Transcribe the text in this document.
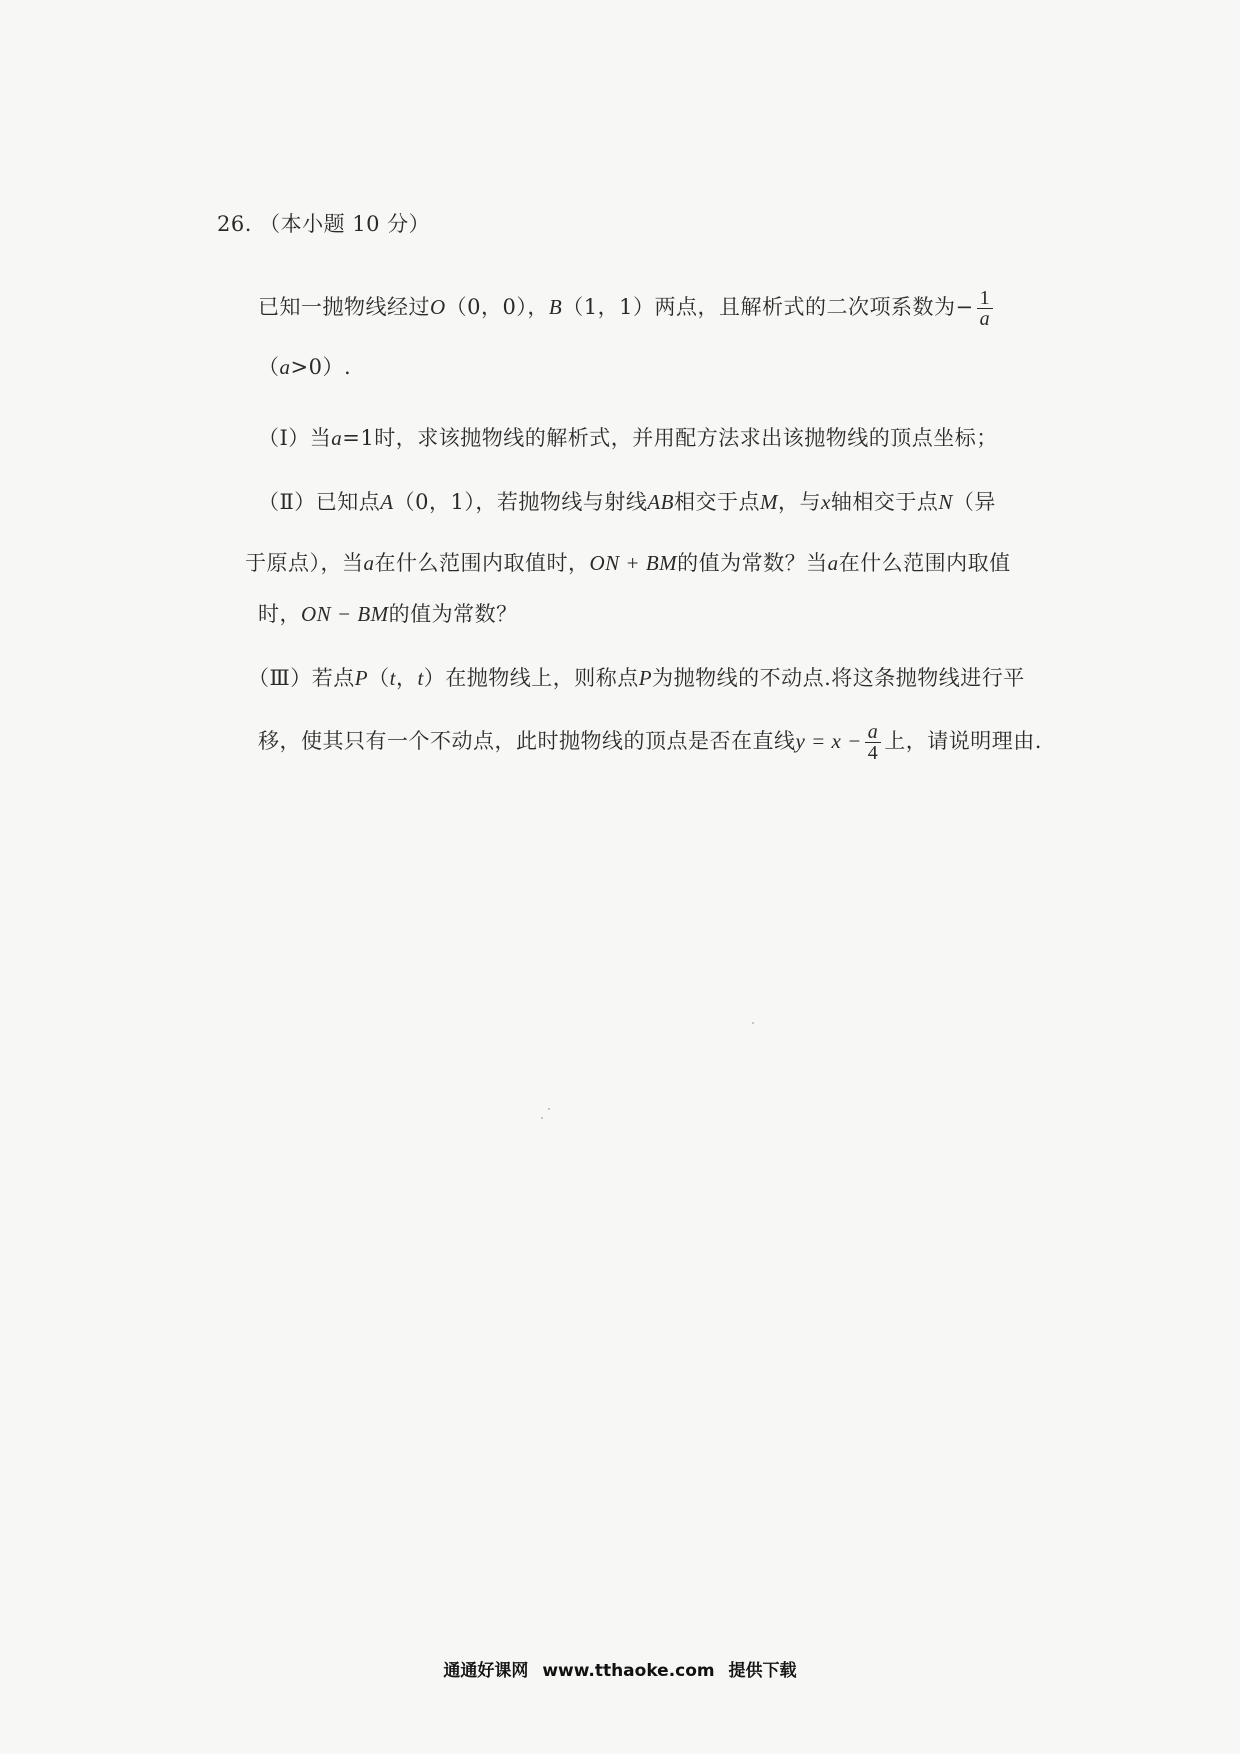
26. （本小题 10 分）
已知一抛物线经过O（0，0），B（1，1）两点，且解析式的二次项系数为− $\frac{1}{a}$
（a>0）.
（Ⅰ）当a=1时，求该抛物线的解析式，并用配方法求出该抛物线的顶点坐标；
（Ⅱ）已知点A（0，1），若抛物线与射线AB相交于点M，与x轴相交于点N（异
于原点），当a在什么范围内取值时，ON + BM的值为常数？当a在什么范围内取值
时，ON − BM的值为常数？
（Ⅲ）若点P（t，t）在抛物线上，则称点P为抛物线的不动点.将这条抛物线进行平
移，使其只有一个不动点，此时抛物线的顶点是否在直线$y = x - \frac{a}{4}$ 上，请说明理由.
通通好课网 www.tthaoke.com 提供下载
